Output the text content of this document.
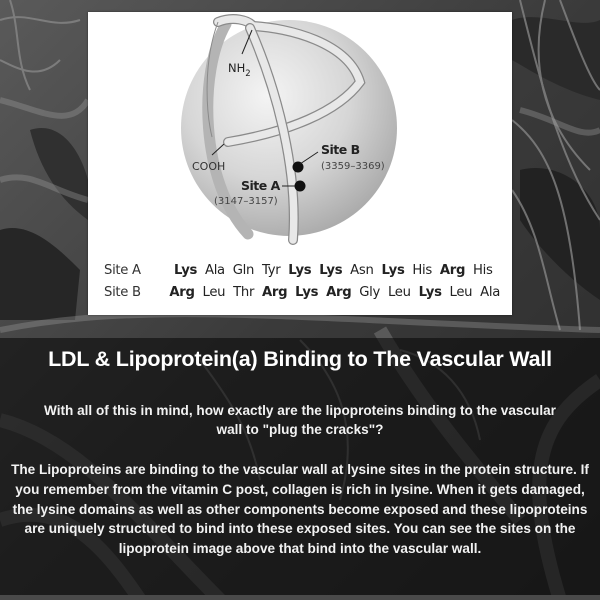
$NH_2$
COOH
Site B
(3359–3369)
Site A
(3147–3157)
Site A	Lys Ala Gln Tyr Lys Lys Asn Lys His Arg His
Site B	Arg Leu Thr Arg Lys Arg Gly Leu Lys Leu Ala
LDL & Lipoprotein(a) Binding to The Vascular Wall
With all of this in mind, how exactly are the lipoproteins binding to the vascular wall to "plug the cracks"?
The Lipoproteins are binding to the vascular wall at lysine sites in the protein structure. If you remember from the vitamin C post, collagen is rich in lysine. When it gets damaged, the lysine domains as well as other components become exposed and these lipoproteins are uniquely structured to bind into these exposed sites. You can see the sites on the lipoprotein image above that bind into the vascular wall.
